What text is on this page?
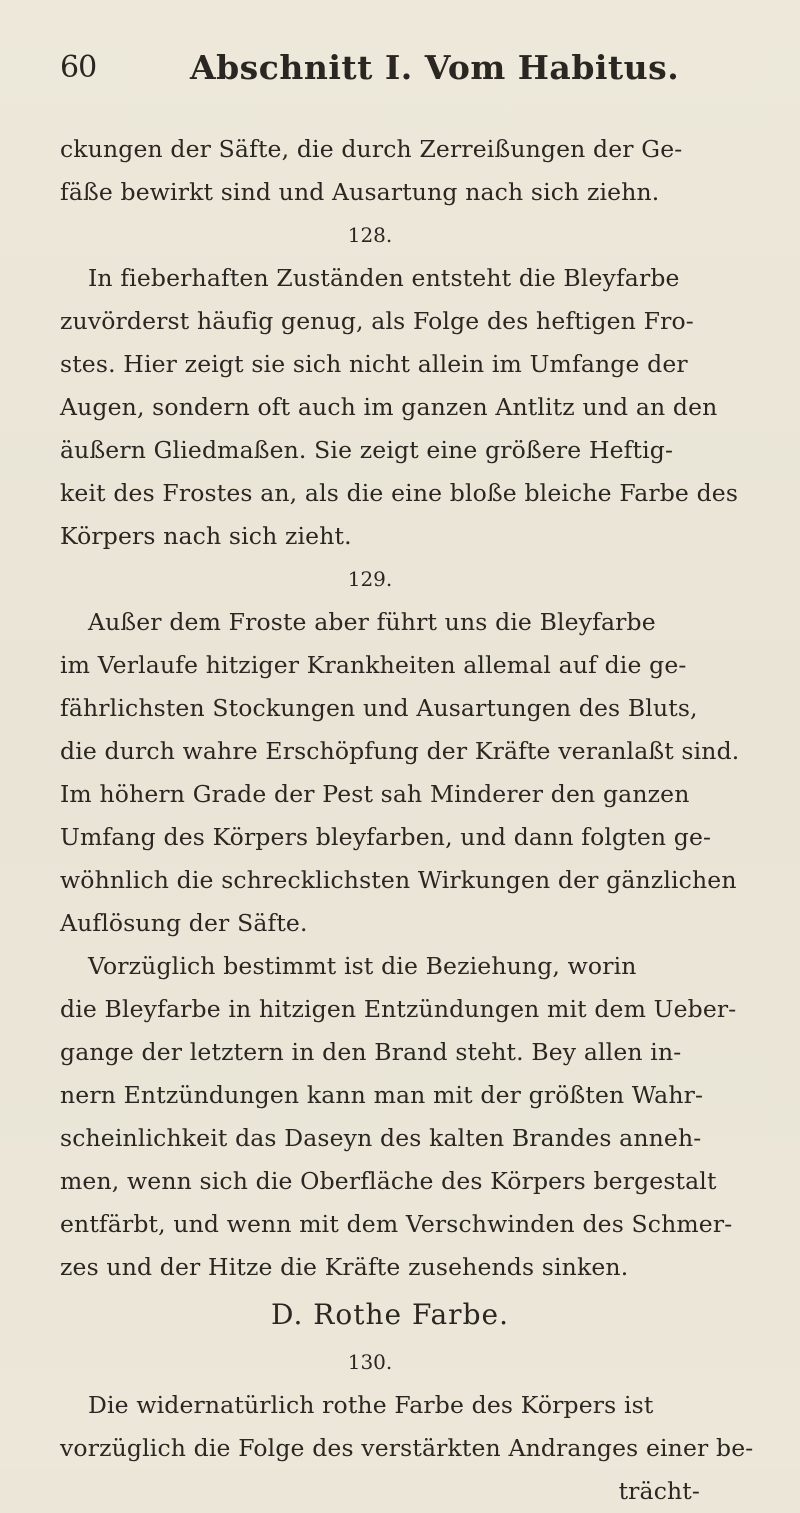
60	Abschnitt I. Vom Habitus.
ckungen der Säfte, die durch Zerreißungen der Ge-
fäße bewirkt sind und Ausartung nach sich ziehn.
128.
In fieberhaften Zuständen entsteht die Bleyfarbe
zuvörderst häufig genug, als Folge des heftigen Fro-
stes. Hier zeigt sie sich nicht allein im Umfange der
Augen, sondern oft auch im ganzen Antlitz und an den
äußern Gliedmaßen. Sie zeigt eine größere Heftig-
keit des Frostes an, als die eine bloße bleiche Farbe des
Körpers nach sich zieht.
129.
Außer dem Froste aber führt uns die Bleyfarbe
im Verlaufe hitziger Krankheiten allemal auf die ge-
fährlichsten Stockungen und Ausartungen des Bluts,
die durch wahre Erschöpfung der Kräfte veranlaßt sind.
Im höhern Grade der Pest sah Minderer den ganzen
Umfang des Körpers bleyfarben, und dann folgten ge-
wöhnlich die schrecklichsten Wirkungen der gänzlichen
Auflösung der Säfte.
Vorzüglich bestimmt ist die Beziehung, worin
die Bleyfarbe in hitzigen Entzündungen mit dem Ueber-
gange der letztern in den Brand steht. Bey allen in-
nern Entzündungen kann man mit der größten Wahr-
scheinlichkeit das Daseyn des kalten Brandes anneh-
men, wenn sich die Oberfläche des Körpers bergestalt
entfärbt, und wenn mit dem Verschwinden des Schmer-
zes und der Hitze die Kräfte zusehends sinken.
D. Rothe Farbe.
130.
Die widernatürlich rothe Farbe des Körpers ist
vorzüglich die Folge des verstärkten Andranges einer be-
trächt-
